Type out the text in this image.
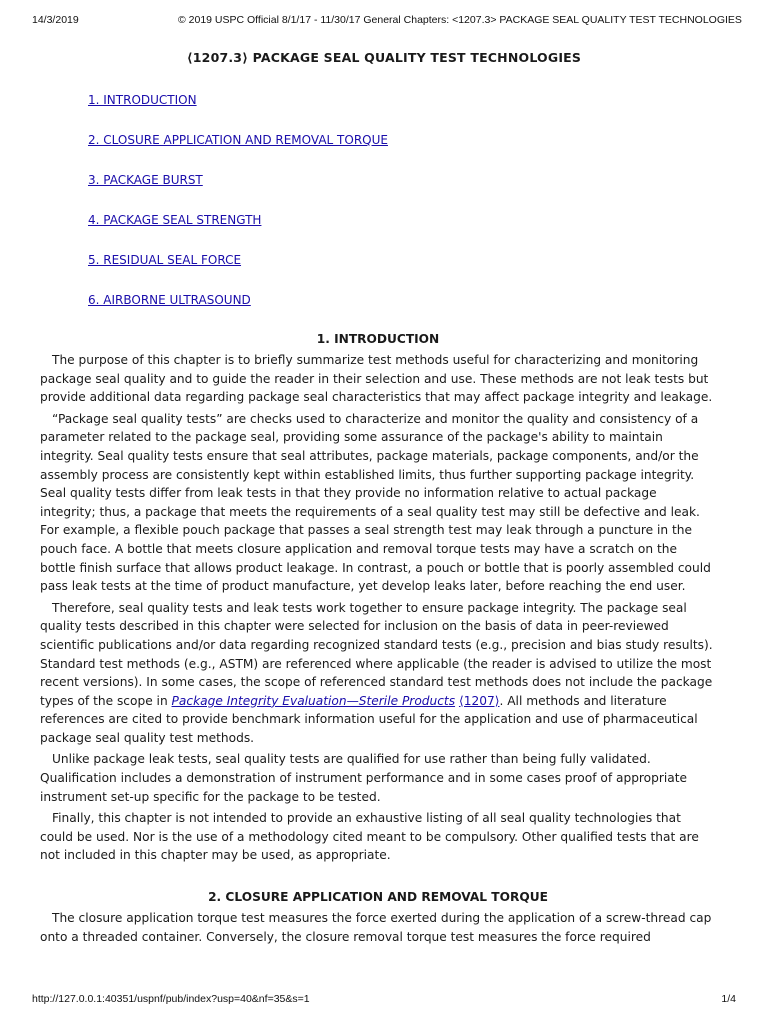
14/3/2019	© 2019 USPC Official 8/1/17 - 11/30/17 General Chapters: <1207.3> PACKAGE SEAL QUALITY TEST TECHNOLOGIES
⟨1207.3⟩ PACKAGE SEAL QUALITY TEST TECHNOLOGIES
1. INTRODUCTION
2. CLOSURE APPLICATION AND REMOVAL TORQUE
3. PACKAGE BURST
4. PACKAGE SEAL STRENGTH
5. RESIDUAL SEAL FORCE
6. AIRBORNE ULTRASOUND
1. INTRODUCTION

The purpose of this chapter is to briefly summarize test methods useful for characterizing and monitoring package seal quality and to guide the reader in their selection and use. These methods are not leak tests but provide additional data regarding package seal characteristics that may affect package integrity and leakage.

“Package seal quality tests” are checks used to characterize and monitor the quality and consistency of a parameter related to the package seal, providing some assurance of the package's ability to maintain integrity. Seal quality tests ensure that seal attributes, package materials, package components, and/or the assembly process are consistently kept within established limits, thus further supporting package integrity. Seal quality tests differ from leak tests in that they provide no information relative to actual package integrity; thus, a package that meets the requirements of a seal quality test may still be defective and leak. For example, a flexible pouch package that passes a seal strength test may leak through a puncture in the pouch face. A bottle that meets closure application and removal torque tests may have a scratch on the bottle finish surface that allows product leakage. In contrast, a pouch or bottle that is poorly assembled could pass leak tests at the time of product manufacture, yet develop leaks later, before reaching the end user.

Therefore, seal quality tests and leak tests work together to ensure package integrity. The package seal quality tests described in this chapter were selected for inclusion on the basis of data in peer-reviewed scientific publications and/or data regarding recognized standard tests (e.g., precision and bias study results). Standard test methods (e.g., ASTM) are referenced where applicable (the reader is advised to utilize the most recent versions). In some cases, the scope of referenced standard test methods does not include the package types of the scope in Package Integrity Evaluation—Sterile Products ⟨1207⟩. All methods and literature references are cited to provide benchmark information useful for the application and use of pharmaceutical package seal quality test methods.

Unlike package leak tests, seal quality tests are qualified for use rather than being fully validated. Qualification includes a demonstration of instrument performance and in some cases proof of appropriate instrument set-up specific for the package to be tested.

Finally, this chapter is not intended to provide an exhaustive listing of all seal quality technologies that could be used. Nor is the use of a methodology cited meant to be compulsory. Other qualified tests that are not included in this chapter may be used, as appropriate.

2. CLOSURE APPLICATION AND REMOVAL TORQUE

The closure application torque test measures the force exerted during the application of a screw-thread cap onto a threaded container. Conversely, the closure removal torque test measures the force required

http://127.0.0.1:40351/uspnf/pub/index?usp=40&nf=35&s=1	1/4
